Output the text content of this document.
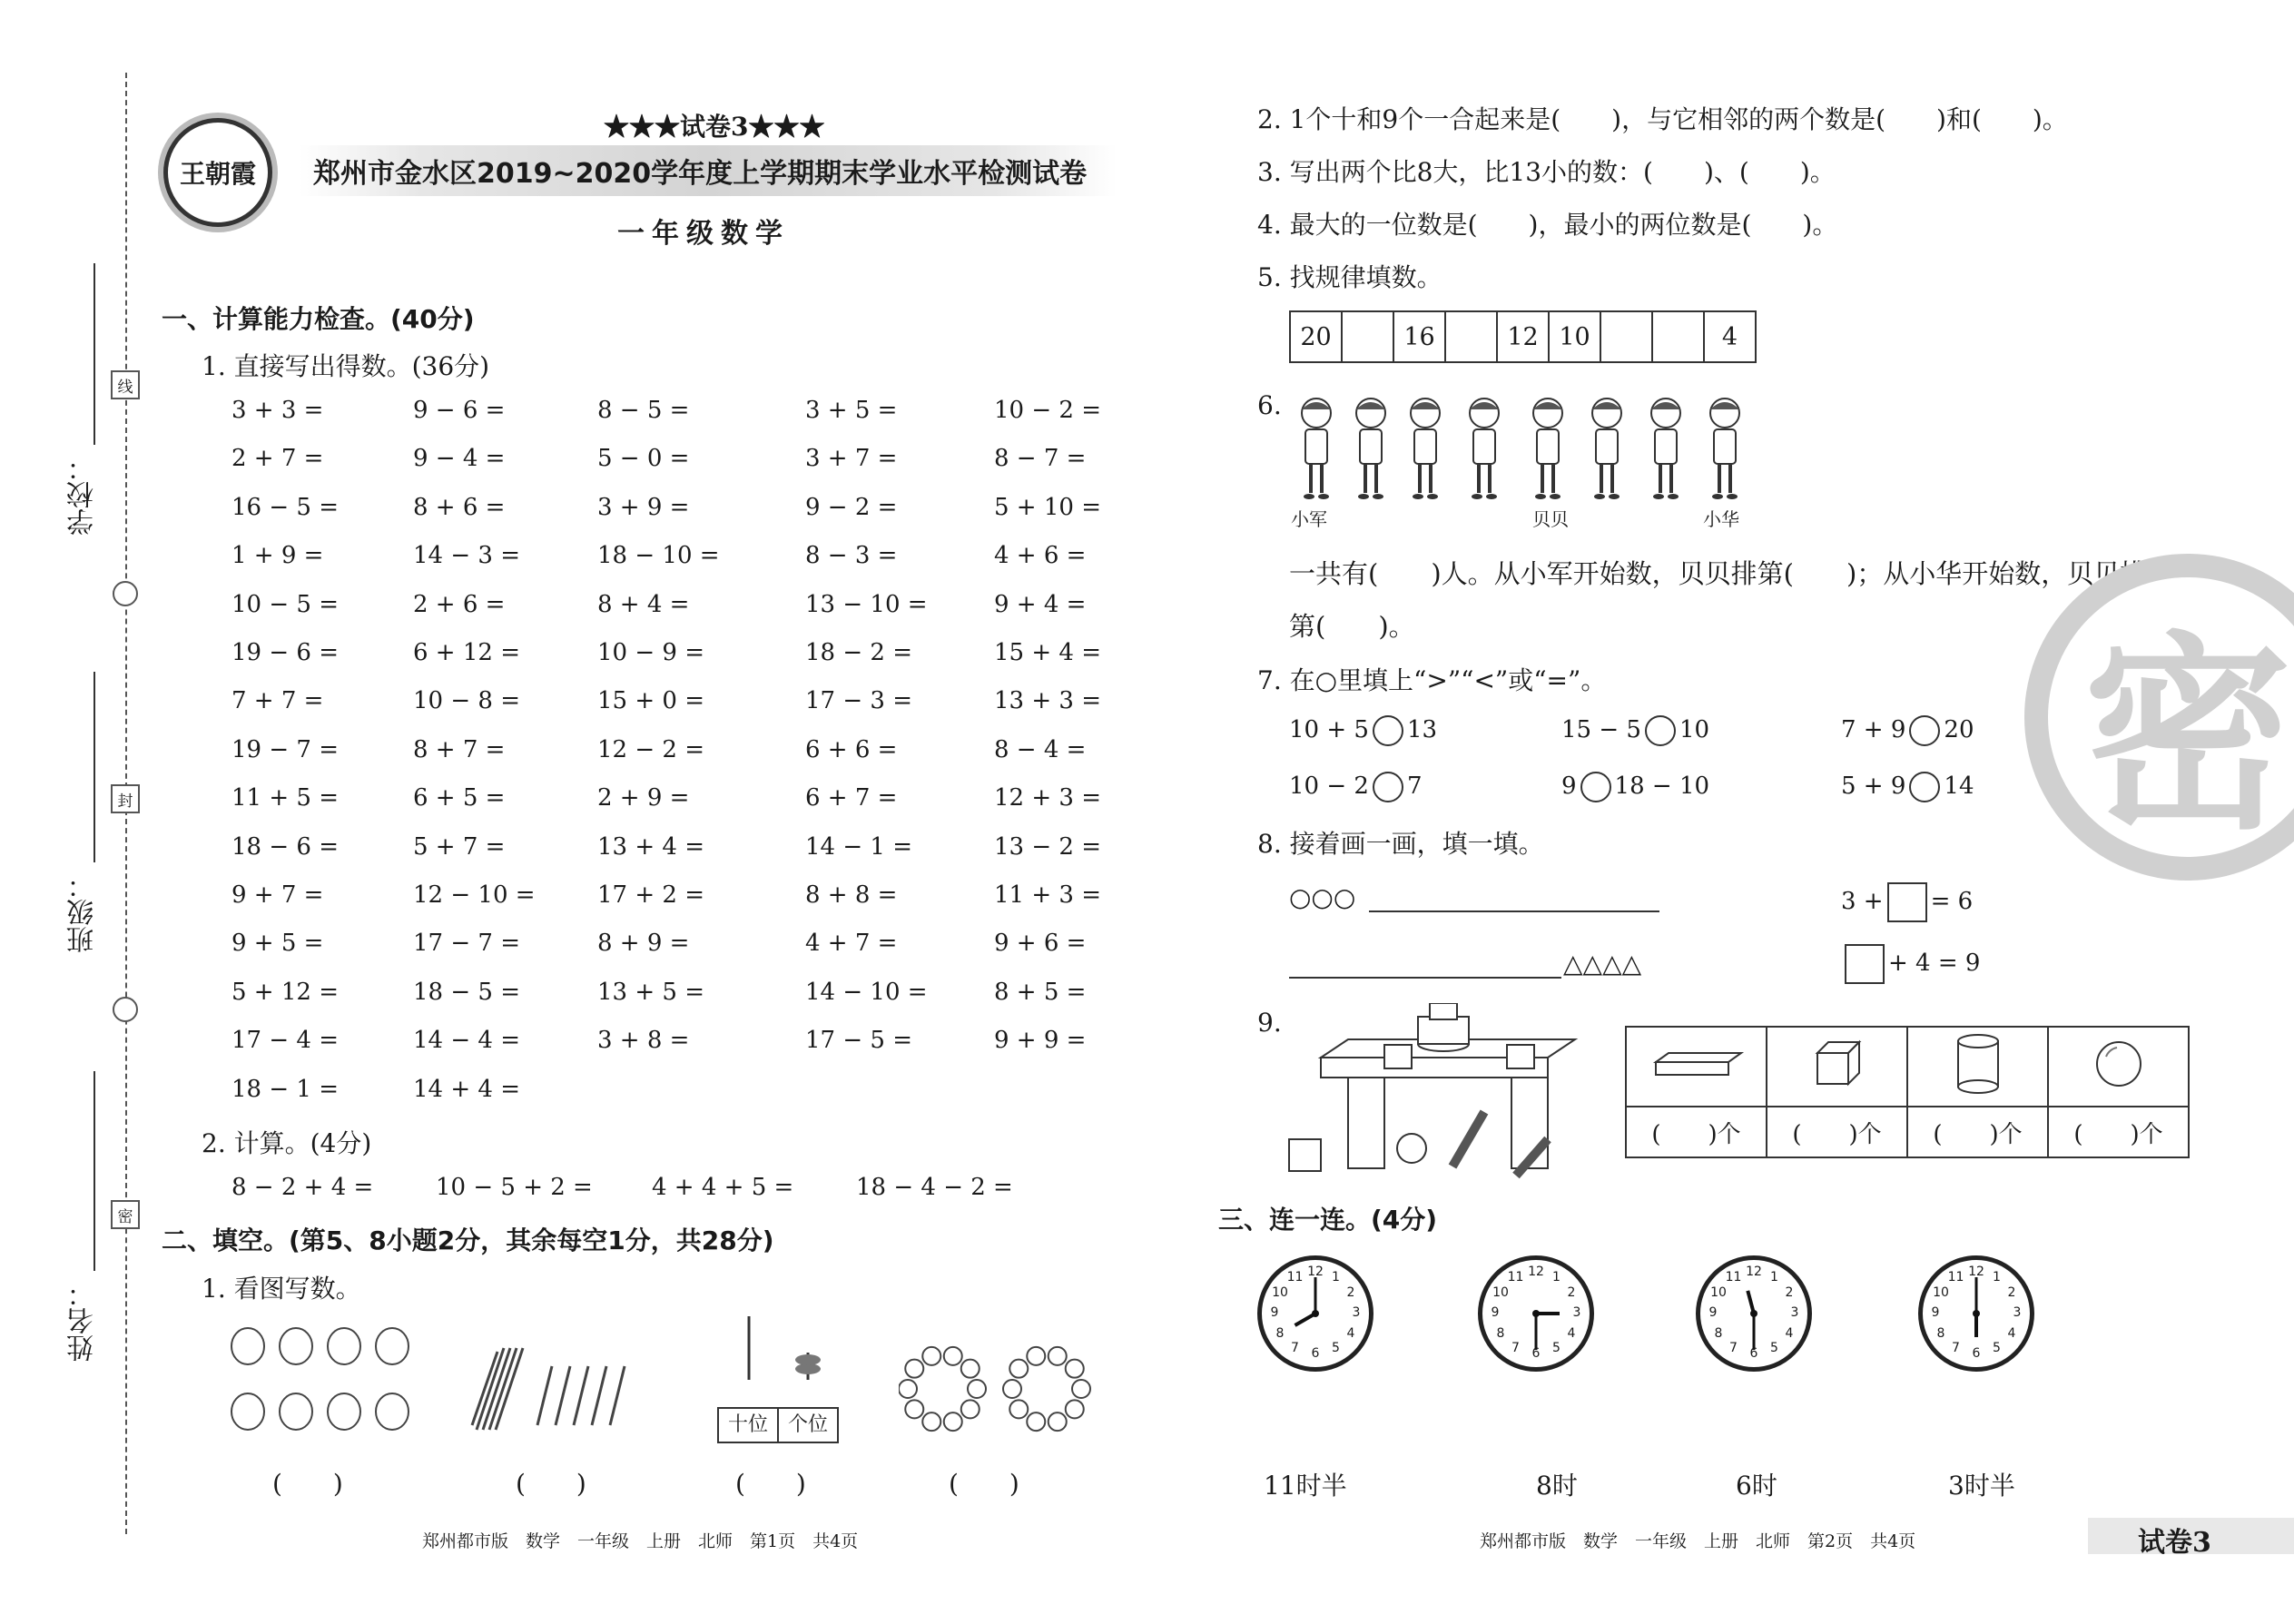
学校：
班级：
姓名：
线
封
密
王朝霞
★★★试卷3★★★
郑州市金水区2019~2020学年度上学期期末学业水平检测试卷
一年级数学
一、计算能力检查。(40分)
1. 直接写出得数。(36分)
3 + 3 =	9 − 6 =	8 − 5 =	3 + 5 =	10 − 2 =
2 + 7 =	9 − 4 =	5 − 0 =	3 + 7 =	8 − 7 =
16 − 5 =	8 + 6 =	3 + 9 =	9 − 2 =	5 + 10 =
1 + 9 =	14 − 3 =	18 − 10 =	8 − 3 =	4 + 6 =
10 − 5 =	2 + 6 =	8 + 4 =	13 − 10 =	9 + 4 =
19 − 6 =	6 + 12 =	10 − 9 =	18 − 2 =	15 + 4 =
7 + 7 =	10 − 8 =	15 + 0 =	17 − 3 =	13 + 3 =
19 − 7 =	8 + 7 =	12 − 2 =	6 + 6 =	8 − 4 =
11 + 5 =	6 + 5 =	2 + 9 =	6 + 7 =	12 + 3 =
18 − 6 =	5 + 7 =	13 + 4 =	14 − 1 =	13 − 2 =
9 + 7 =	12 − 10 =	17 + 2 =	8 + 8 =	11 + 3 =
9 + 5 =	17 − 7 =	8 + 9 =	4 + 7 =	9 + 6 =
5 + 12 =	18 − 5 =	13 + 5 =	14 − 10 =	8 + 5 =
17 − 4 =	14 − 4 =	3 + 8 =	17 − 5 =	9 + 9 =
18 − 1 =	14 + 4 =
2. 计算。(4分)
8 − 2 + 4 =	10 − 5 + 2 =	4 + 4 + 5 =	18 − 4 − 2 =
二、填空。(第5、8小题2分，其余每空1分，共28分)
1. 看图写数。
十位 个位
(　　)	(　　)	(　　)	(　　)
2. 1个十和9个一合起来是(　　)，与它相邻的两个数是(　　)和(　　)。
3. 写出两个比8大，比13小的数：(　　)、(　　)。
4. 最大的一位数是(　　)，最小的两位数是(　　)。
5. 找规律填数。
20		16		12	10			4
6.
小军	贝贝	小华
一共有(　　)人。从小军开始数，贝贝排第(　　)；从小华开始数，贝贝排
第(　　)。
7. 在○里填上“>”“<”或“=”。
10 + 5 13	15 − 5 10	7 + 9 20
10 − 2 7	9 18 − 10	5 + 9 14
8. 接着画一画，填一填。
○○○
△△△△
3 + = 6
+ 4 = 9
9.

(　　)个	(　　)个	(　　)个	(　　)个
三、连一连。(4分)
1
2
3
4
5
6
7
8
9
10
11 12	1
2
3
4
5
6
7
8
9
10
11 12	1
2
3
4
5
6
7
8
9
10
11 12	1
2
3
4
5
6
7
8
9
10
11 12
11时半	8时	6时	3时半
密
郑州都市版　数学　一年级　上册　北师　第1页　共4页	郑州都市版　数学　一年级　上册　北师　第2页　共4页	试卷3
